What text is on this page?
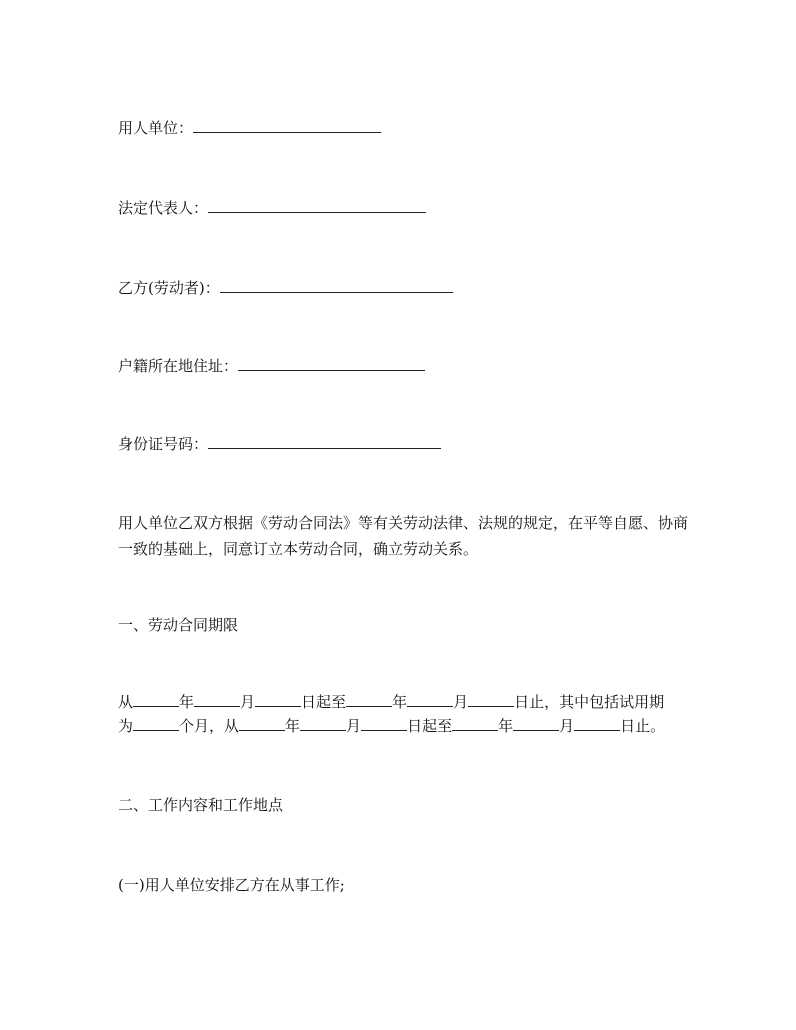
用人单位：
法定代表人：
乙方(劳动者)：
户籍所在地住址：
身份证号码：
用人单位乙双方根据《劳动合同法》等有关劳动法律、法规的规定，在平等自愿、协商一致的基础上，同意订立本劳动合同，确立劳动关系。
一、劳动合同期限
从	年	月	日起至	年	月	日止，其中包括试用期
为	个月，从	年	月	日起至	年	月	日止。
二、工作内容和工作地点
(一)用人单位安排乙方在从事工作;
